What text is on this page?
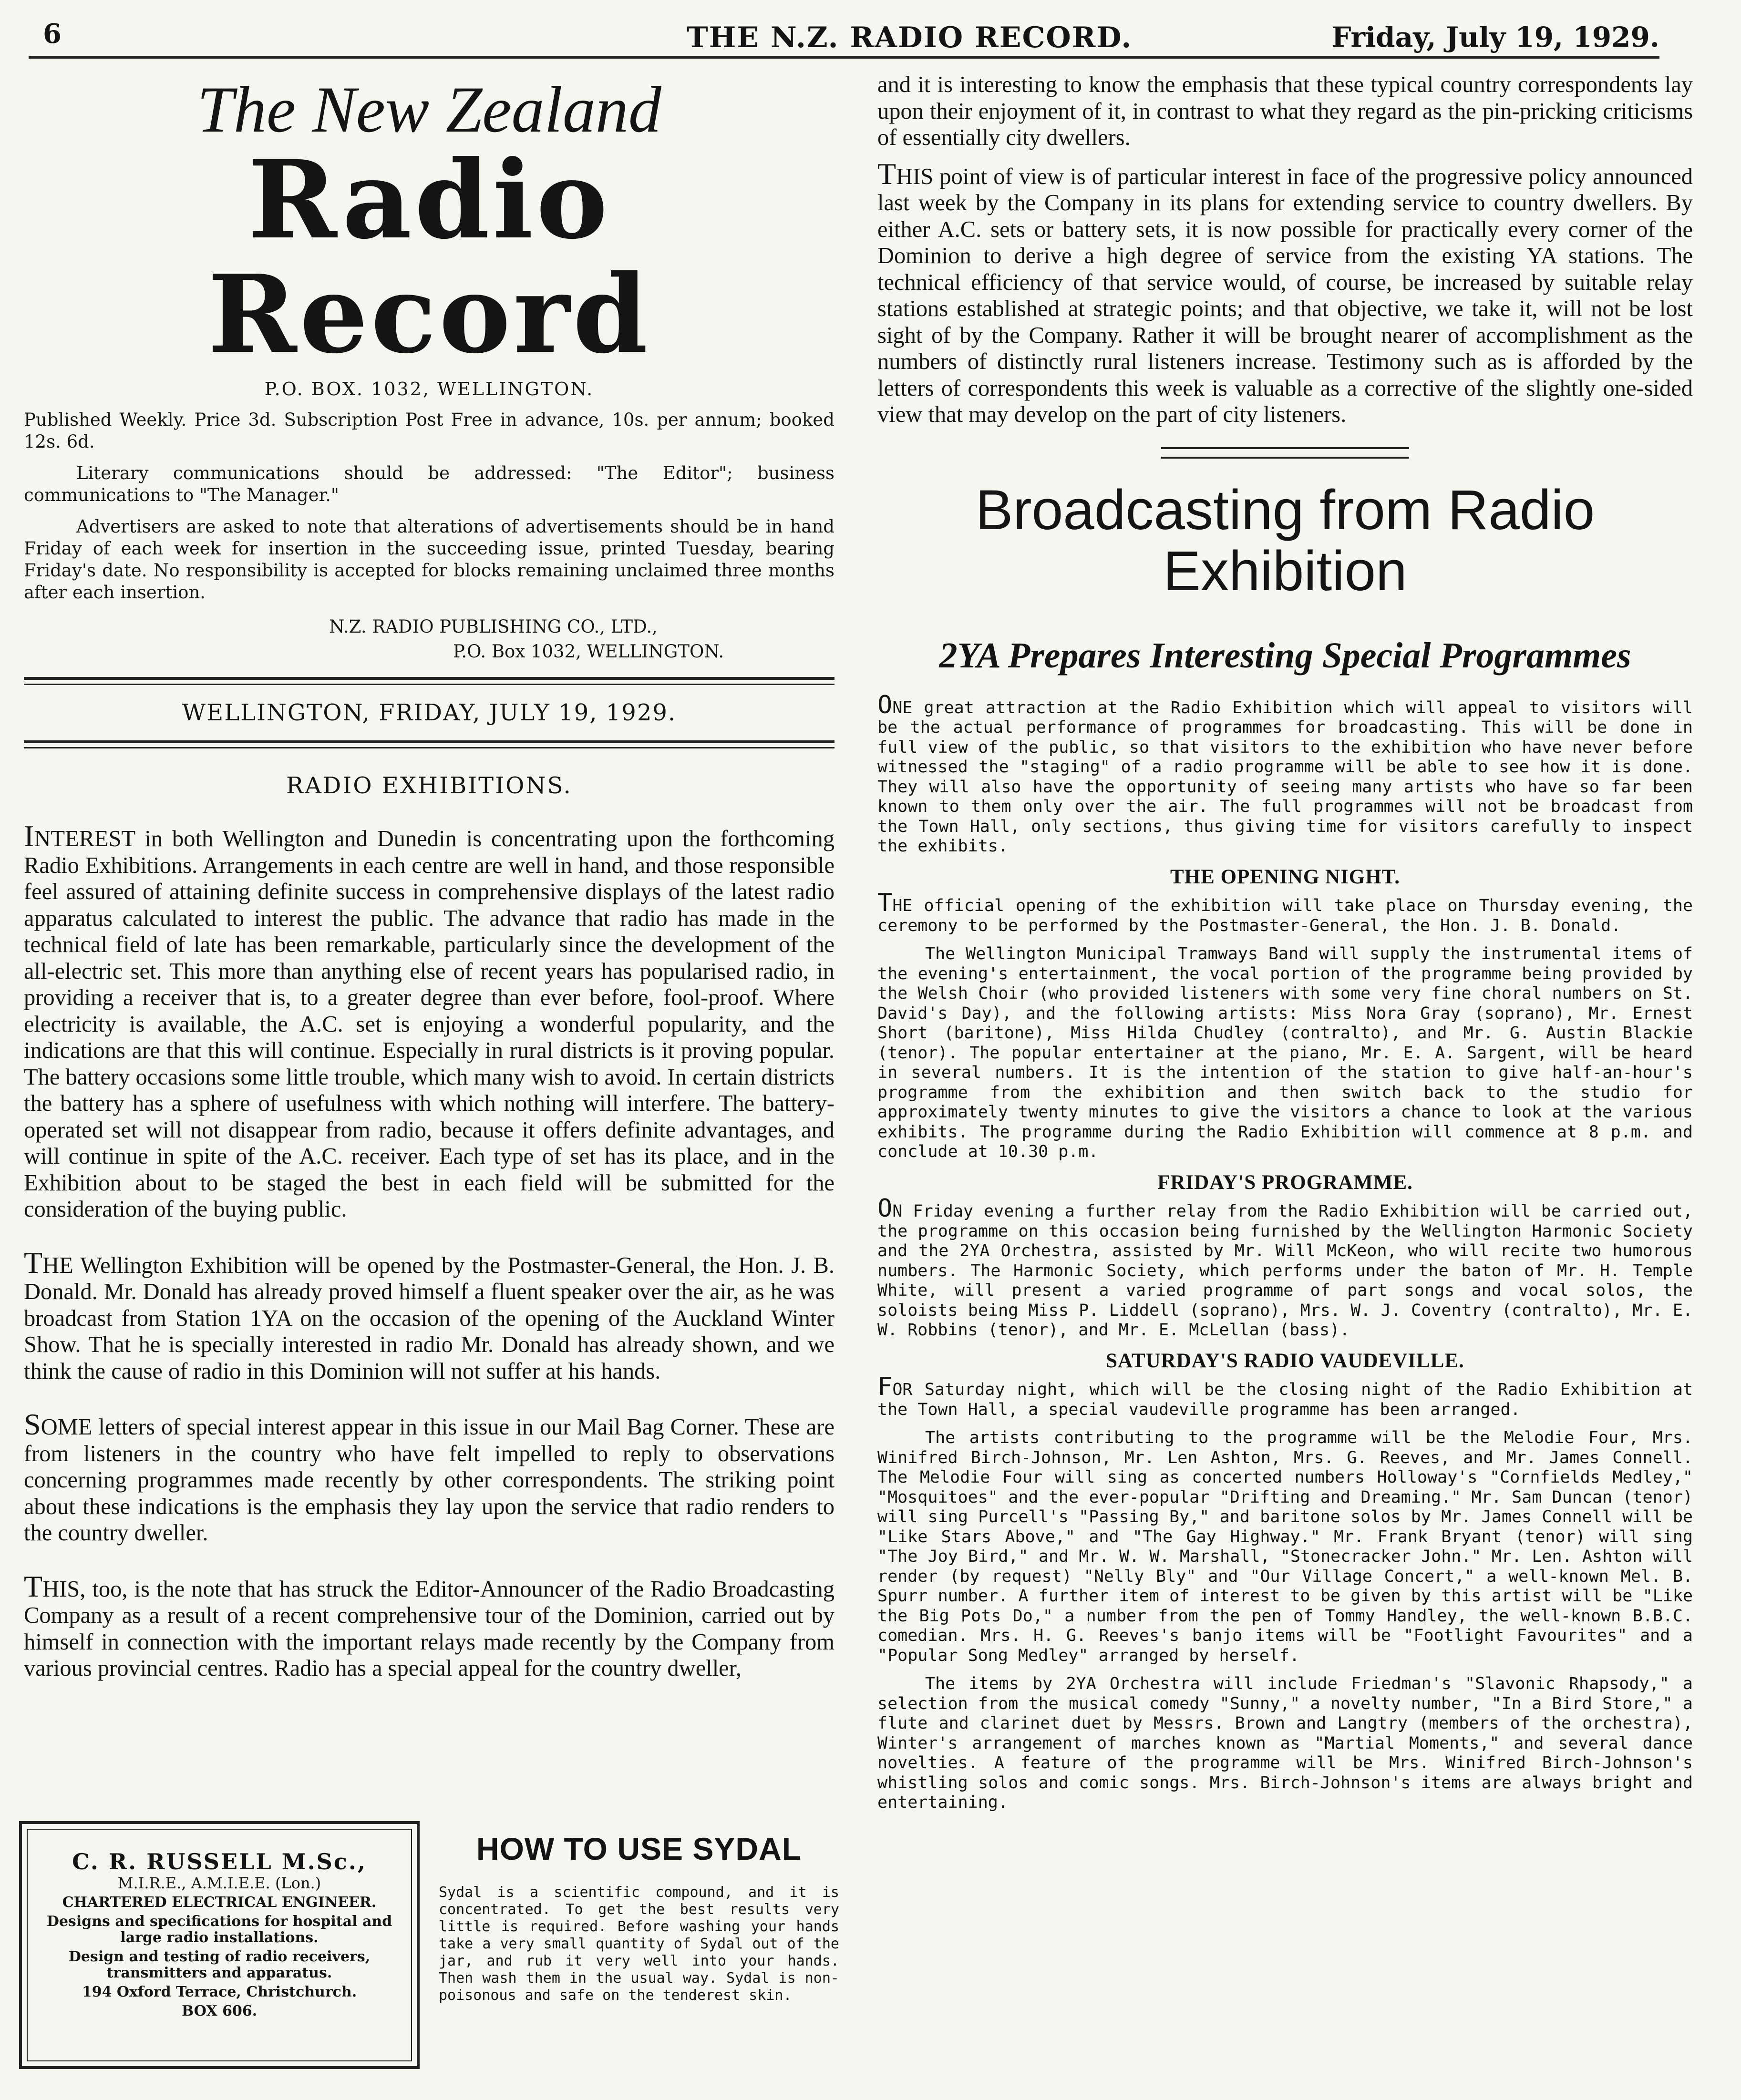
6	THE N.Z. RADIO RECORD.	Friday, July 19, 1929.
The New Zealand
Radio Record
P.O. BOX. 1032, WELLINGTON.

Published Weekly. Price 3d. Subscription Post Free in advance, 10s. per annum; booked 12s. 6d.

Literary communications should be addressed: "The Editor"; business communications to "The Manager."

Advertisers are asked to note that alterations of advertisements should be in hand Friday of each week for insertion in the succeeding issue, printed Tuesday, bearing Friday's date. No responsibility is accepted for blocks remaining unclaimed three months after each insertion.

N.Z. RADIO PUBLISHING CO., LTD.,

P.O. Box 1032, WELLINGTON.

WELLINGTON, FRIDAY, JULY 19, 1929.
RADIO EXHIBITIONS.

INTEREST in both Wellington and Dunedin is concentrating upon the forthcoming Radio Exhibitions. Arrangements in each centre are well in hand, and those responsible feel assured of attaining definite success in comprehensive displays of the latest radio apparatus calculated to interest the public. The advance that radio has made in the technical field of late has been remarkable, particularly since the development of the all-electric set. This more than anything else of recent years has popularised radio, in providing a receiver that is, to a greater degree than ever before, fool-proof. Where electricity is available, the A.C. set is enjoying a wonderful popularity, and the indications are that this will continue. Especially in rural districts is it proving popular. The battery occasions some little trouble, which many wish to avoid. In certain districts the battery has a sphere of usefulness with which nothing will interfere. The battery-operated set will not disappear from radio, because it offers definite advantages, and will continue in spite of the A.C. receiver. Each type of set has its place, and in the Exhibition about to be staged the best in each field will be submitted for the consideration of the buying public.

THE Wellington Exhibition will be opened by the Postmaster-General, the Hon. J. B. Donald. Mr. Donald has already proved himself a fluent speaker over the air, as he was broadcast from Station 1YA on the occasion of the opening of the Auckland Winter Show. That he is specially interested in radio Mr. Donald has already shown, and we think the cause of radio in this Dominion will not suffer at his hands.

SOME letters of special interest appear in this issue in our Mail Bag Corner. These are from listeners in the country who have felt impelled to reply to observations concerning programmes made recently by other correspondents. The striking point about these indications is the emphasis they lay upon the service that radio renders to the country dweller.

THIS, too, is the note that has struck the Editor-Announcer of the Radio Broadcasting Company as a result of a recent comprehensive tour of the Dominion, carried out by himself in connection with the important relays made recently by the Company from various provincial centres. Radio has a special appeal for the country dweller,

C. R. RUSSELL M.Sc.,
M.I.R.E., A.M.I.E.E. (Lon.)
CHARTERED ELECTRICAL ENGINEER.
Designs and specifications for hospital and large radio installations.
Design and testing of radio receivers, transmitters and apparatus.
194 Oxford Terrace, Christchurch.
BOX 606.
HOW TO USE SYDAL
Sydal is a scientific compound, and it is concentrated. To get the best results very little is required. Before washing your hands take a very small quantity of Sydal out of the jar, and rub it very well into your hands. Then wash them in the usual way. Sydal is non-poisonous and safe on the tenderest skin.

and it is interesting to know the emphasis that these typical country correspondents lay upon their enjoyment of it, in contrast to what they regard as the pin-pricking criticisms of essentially city dwellers.

THIS point of view is of particular interest in face of the progressive policy announced last week by the Company in its plans for extending service to country dwellers. By either A.C. sets or battery sets, it is now possible for practically every corner of the Dominion to derive a high degree of service from the existing YA stations. The technical efficiency of that service would, of course, be increased by suitable relay stations established at strategic points; and that objective, we take it, will not be lost sight of by the Company. Rather it will be brought nearer of accomplishment as the numbers of distinctly rural listeners increase. Testimony such as is afforded by the letters of correspondents this week is valuable as a corrective of the slightly one-sided view that may develop on the part of city listeners.

Broadcasting from Radio
Exhibition
2YA Prepares Interesting Special Programmes

ONE great attraction at the Radio Exhibition which will appeal to visitors will be the actual performance of programmes for broadcasting. This will be done in full view of the public, so that visitors to the exhibition who have never before witnessed the "staging" of a radio programme will be able to see how it is done. They will also have the opportunity of seeing many artists who have so far been known to them only over the air. The full programmes will not be broadcast from the Town Hall, only sections, thus giving time for visitors carefully to inspect the exhibits.

THE OPENING NIGHT.

THE official opening of the exhibition will take place on Thursday evening, the ceremony to be performed by the Postmaster-General, the Hon. J. B. Donald.

The Wellington Municipal Tramways Band will supply the instrumental items of the evening's entertainment, the vocal portion of the programme being provided by the Welsh Choir (who provided listeners with some very fine choral numbers on St. David's Day), and the following artists: Miss Nora Gray (soprano), Mr. Ernest Short (baritone), Miss Hilda Chudley (contralto), and Mr. G. Austin Blackie (tenor). The popular entertainer at the piano, Mr. E. A. Sargent, will be heard in several numbers. It is the intention of the station to give half-an-hour's programme from the exhibition and then switch back to the studio for approximately twenty minutes to give the visitors a chance to look at the various exhibits. The programme during the Radio Exhibition will commence at 8 p.m. and conclude at 10.30 p.m.

FRIDAY'S PROGRAMME.

ON Friday evening a further relay from the Radio Exhibition will be carried out, the programme on this occasion being furnished by the Wellington Harmonic Society and the 2YA Orchestra, assisted by Mr. Will McKeon, who will recite two humorous numbers. The Harmonic Society, which performs under the baton of Mr. H. Temple White, will present a varied programme of part songs and vocal solos, the soloists being Miss P. Liddell (soprano), Mrs. W. J. Coventry (contralto), Mr. E. W. Robbins (tenor), and Mr. E. McLellan (bass).

SATURDAY'S RADIO VAUDEVILLE.

FOR Saturday night, which will be the closing night of the Radio Exhibition at the Town Hall, a special vaudeville programme has been arranged.

The artists contributing to the programme will be the Melodie Four, Mrs. Winifred Birch-Johnson, Mr. Len Ashton, Mrs. G. Reeves, and Mr. James Connell. The Melodie Four will sing as concerted numbers Holloway's "Cornfields Medley," "Mosquitoes" and the ever-popular "Drifting and Dreaming." Mr. Sam Duncan (tenor) will sing Purcell's "Passing By," and baritone solos by Mr. James Connell will be "Like Stars Above," and "The Gay Highway." Mr. Frank Bryant (tenor) will sing "The Joy Bird," and Mr. W. W. Marshall, "Stonecracker John." Mr. Len. Ashton will render (by request) "Nelly Bly" and "Our Village Concert," a well-known Mel. B. Spurr number. A further item of interest to be given by this artist will be "Like the Big Pots Do," a number from the pen of Tommy Handley, the well-known B.B.C. comedian. Mrs. H. G. Reeves's banjo items will be "Footlight Favourites" and a "Popular Song Medley" arranged by herself.

The items by 2YA Orchestra will include Friedman's "Slavonic Rhapsody," a selection from the musical comedy "Sunny," a novelty number, "In a Bird Store," a flute and clarinet duet by Messrs. Brown and Langtry (members of the orchestra), Winter's arrangement of marches known as "Martial Moments," and several dance novelties. A feature of the programme will be Mrs. Winifred Birch-Johnson's whistling solos and comic songs. Mrs. Birch-Johnson's items are always bright and entertaining.
